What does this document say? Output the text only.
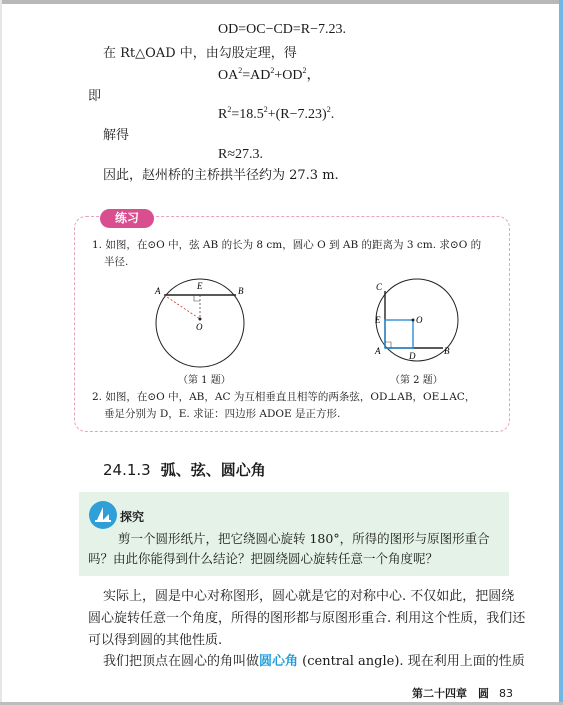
OD=OC−CD=R−7.23.
在 Rt△OAD 中，由勾股定理，得
$OA^2=AD^2+OD^2$，
即
$R^2=18.5^2+(R-7.23)^2$.
解得
R≈27.3.
因此，赵州桥的主桥拱半径约为 27.3 m.
练习
1. 如图，在⊙O 中，弦 AB 的长为 8 cm，圆心 O 到 AB 的距离为 3 cm. 求⊙O 的
半径.
A	B
E
O
（第 1 题）
C
E	O
A	D	B
（第 2 题）
2. 如图，在⊙O 中，AB，AC 为互相垂直且相等的两条弦，OD⊥AB，OE⊥AC，
垂足分别为 D，E. 求证：四边形 ADOE 是正方形.
24.1.3 弧、弦、圆心角
探究
剪一个圆形纸片，把它绕圆心旋转 180°，所得的图形与原图形重合
吗？由此你能得到什么结论？把圆绕圆心旋转任意一个角度呢？
实际上，圆是中心对称图形，圆心就是它的对称中心. 不仅如此，把圆绕
圆心旋转任意一个角度，所得的图形都与原图形重合. 利用这个性质，我们还
可以得到圆的其他性质.
我们把顶点在圆心的角叫做圆心角 (central angle). 现在利用上面的性质
第二十四章　圆 83
